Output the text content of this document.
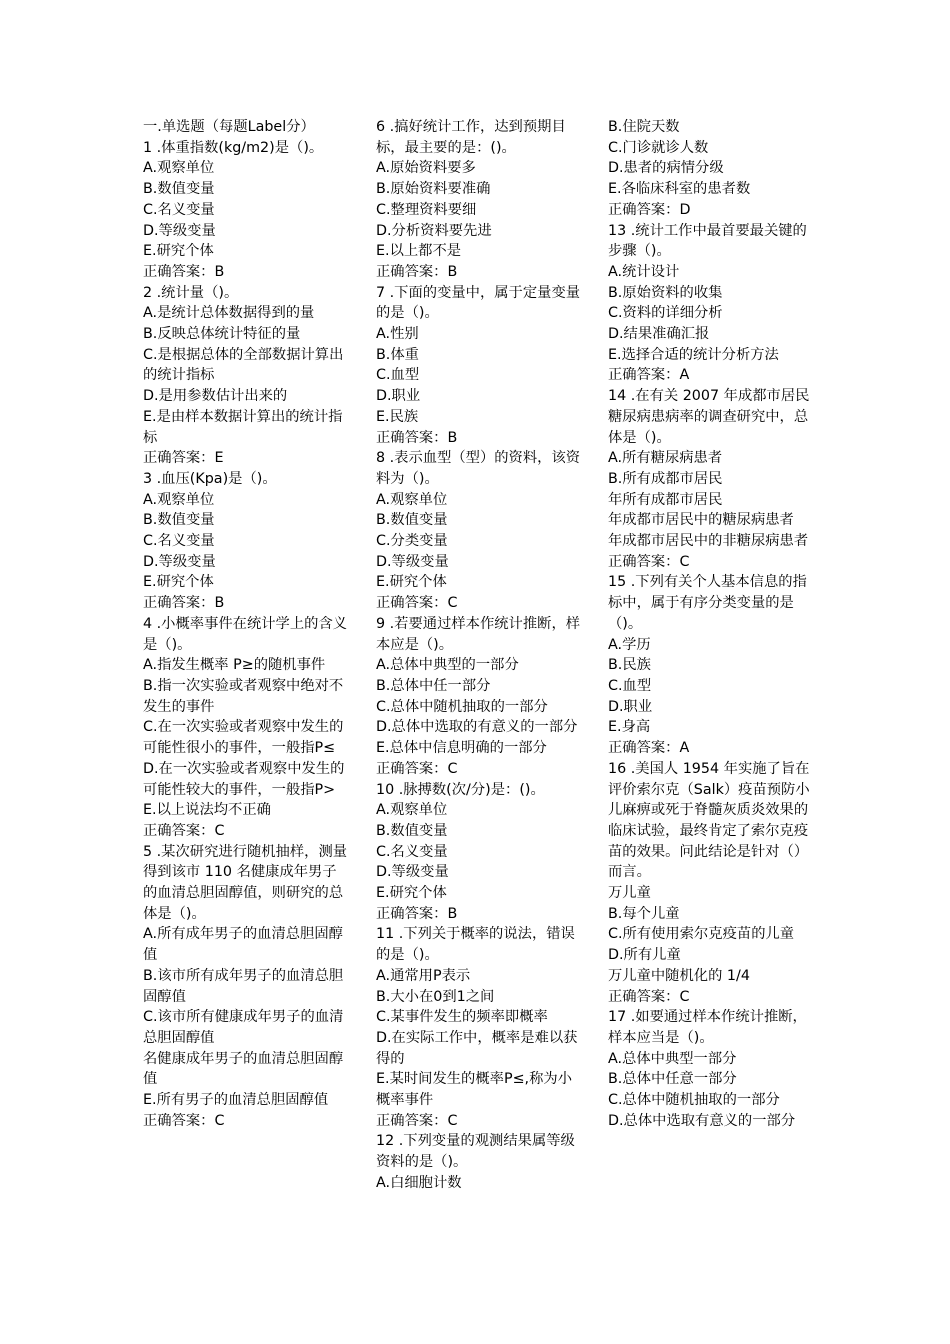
一.单选题（每题Label分）
1 .体重指数(kg/m2)是（)。
A.观察单位
B.数值变量
C.名义变量
D.等级变量
E.研究个体
正确答案：B
2 .统计量（)。
A.是统计总体数据得到的量
B.反映总体统计特征的量
C.是根据总体的全部数据计算出的统计指标
D.是用参数估计出来的
E.是由样本数据计算出的统计指标
正确答案：E
3 .血压(Kpa)是（)。
A.观察单位
B.数值变量
C.名义变量
D.等级变量
E.研究个体
正确答案：B
4 .小概率事件在统计学上的含义是（)。
A.指发生概率 P≥的随机事件
B.指一次实验或者观察中绝对不发生的事件
C.在一次实验或者观察中发生的可能性很小的事件，一般指P≤
D.在一次实验或者观察中发生的可能性较大的事件，一般指P>
E.以上说法均不正确
正确答案：C
5 .某次研究进行随机抽样，测量得到该市 110 名健康成年男子的血清总胆固醇值，则研究的总体是（)。
A.所有成年男子的血清总胆固醇值
B.该市所有成年男子的血清总胆固醇值
C.该市所有健康成年男子的血清总胆固醇值
名健康成年男子的血清总胆固醇值
E.所有男子的血清总胆固醇值
正确答案：C
6 .搞好统计工作，达到预期目标，最主要的是：()。
A.原始资料要多
B.原始资料要准确
C.整理资料要细
D.分析资料要先进
E.以上都不是
正确答案：B
7 .下面的变量中，属于定量变量的是（)。
A.性别
B.体重
C.血型
D.职业
E.民族
正确答案：B
8 .表示血型（型）的资料，该资料为（)。
A.观察单位
B.数值变量
C.分类变量
D.等级变量
E.研究个体
正确答案：C
9 .若要通过样本作统计推断，样本应是（)。
A.总体中典型的一部分
B.总体中任一部分
C.总体中随机抽取的一部分
D.总体中选取的有意义的一部分
E.总体中信息明确的一部分
正确答案：C
10 .脉搏数(次/分)是：()。
A.观察单位
B.数值变量
C.名义变量
D.等级变量
E.研究个体
正确答案：B
11 .下列关于概率的说法，错误的是（)。
A.通常用P表示
B.大小在0到1之间
C.某事件发生的频率即概率
D.在实际工作中，概率是难以获得的
E.某时间发生的概率P≤,称为小概率事件
正确答案：C
12 .下列变量的观测结果属等级资料的是（)。
A.白细胞计数
B.住院天数
C.门诊就诊人数
D.患者的病情分级
E.各临床科室的患者数
正确答案：D
13 .统计工作中最首要最关键的步骤（)。
A.统计设计
B.原始资料的收集
C.资料的详细分析
D.结果准确汇报
E.选择合适的统计分析方法
正确答案：A
14 .在有关 2007 年成都市居民糖尿病患病率的调查研究中，总体是（)。
A.所有糖尿病患者
B.所有成都市居民
年所有成都市居民
年成都市居民中的糖尿病患者
年成都市居民中的非糖尿病患者
正确答案：C
15 .下列有关个人基本信息的指标中，属于有序分类变量的是（)。
A.学历
B.民族
C.血型
D.职业
E.身高
正确答案：A
16 .美国人 1954 年实施了旨在评价索尔克（Salk）疫苗预防小儿麻痹或死于脊髓灰质炎效果的临床试验，最终肯定了索尔克疫苗的效果。问此结论是针对（）而言。
万儿童
B.每个儿童
C.所有使用索尔克疫苗的儿童
D.所有儿童
万儿童中随机化的 1/4
正确答案：C
17 .如要通过样本作统计推断，样本应当是（)。
A.总体中典型一部分
B.总体中任意一部分
C.总体中随机抽取的一部分
D.总体中选取有意义的一部分
